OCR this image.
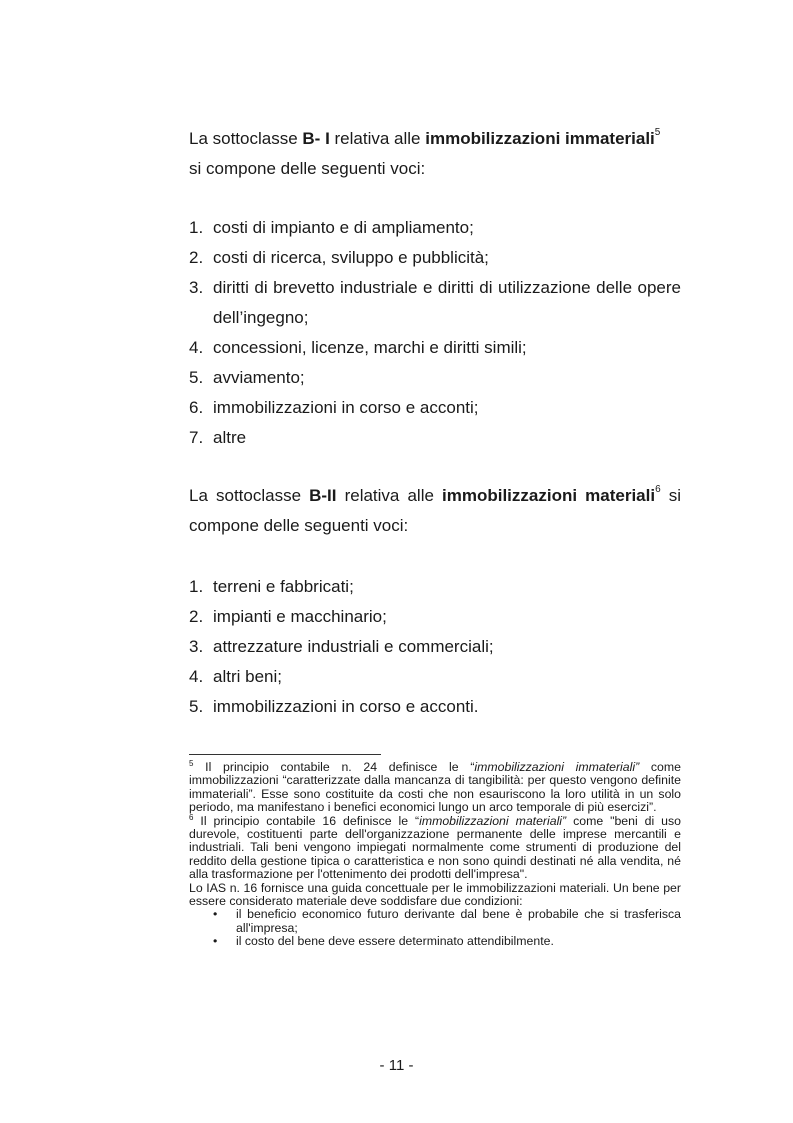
La sottoclasse B- I relativa alle immobilizzazioni immateriali$^5$
si compone delle seguenti voci:

1. costi di impianto e di ampliamento;
2. costi di ricerca, sviluppo e pubblicità;
3. diritti di brevetto industriale e diritti di utilizzazione delle opere dell’ingegno;
4. concessioni, licenze, marchi e diritti simili;
5. avviamento;
6. immobilizzazioni in corso e acconti;
7. altre

La sottoclasse B-II relativa alle immobilizzazioni materiali$^6$ si compone delle seguenti voci:

1. terreni e fabbricati;
2. impianti e macchinario;
3. attrezzature industriali e commerciali;
4. altri beni;
5. immobilizzazioni in corso e acconti.
$^5$ Il principio contabile n. 24 definisce le “immobilizzazioni immateriali” come immobilizzazioni “caratterizzate dalla mancanza di tangibilità: per questo vengono definite immateriali”. Esse sono costituite da costi che non esauriscono la loro utilità in un solo periodo, ma manifestano i benefici economici lungo un arco temporale di più esercizi”.
$^6$ Il principio contabile 16 definisce le “immobilizzazioni materiali” come "beni di uso durevole, costituenti parte dell'organizzazione permanente delle imprese mercantili e industriali. Tali beni vengono impiegati normalmente come strumenti di produzione del reddito della gestione tipica o caratteristica e non sono quindi destinati né alla vendita, né alla trasformazione per l'ottenimento dei prodotti dell'impresa".
Lo IAS n. 16 fornisce una guida concettuale per le immobilizzazioni materiali. Un bene per essere considerato materiale deve soddisfare due condizioni:
• il beneficio economico futuro derivante dal bene è probabile che si trasferisca all'impresa;
• il costo del bene deve essere determinato attendibilmente.
- 11 -
